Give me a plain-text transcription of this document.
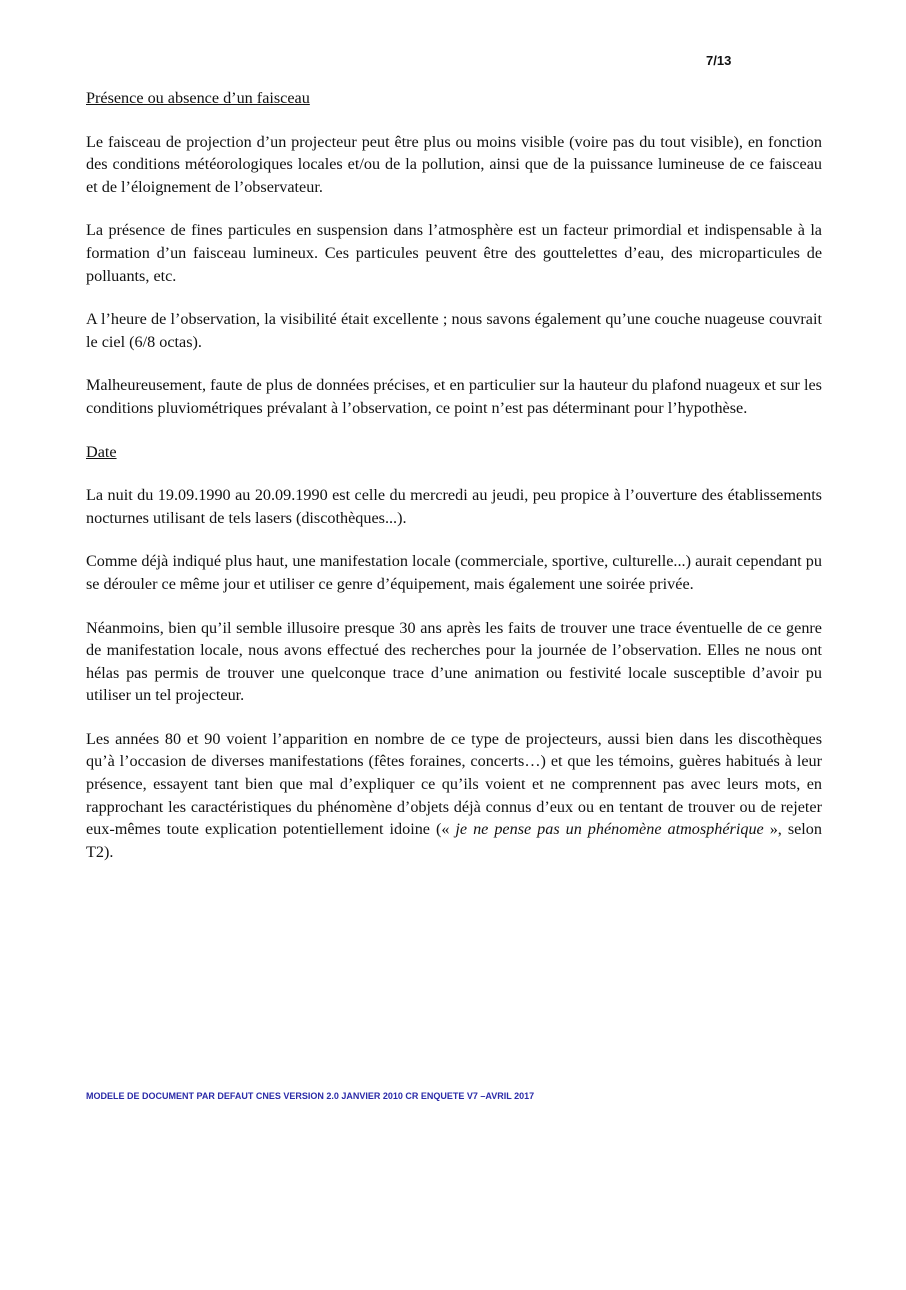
7/13

Présence ou absence d’un faisceau

Le faisceau de projection d’un projecteur peut être plus ou moins visible (voire pas du tout visible), en fonction des conditions météorologiques locales et/ou de la pollution, ainsi que de la puissance lumineuse de ce faisceau et de l’éloignement de l’observateur.

La présence de fines particules en suspension dans l’atmosphère est un facteur primordial et indispensable à la formation d’un faisceau lumineux. Ces particules peuvent être des gouttelettes d’eau, des microparticules de polluants, etc.

A l’heure de l’observation, la visibilité était excellente ; nous savons également qu’une couche nuageuse couvrait le ciel (6/8 octas).

Malheureusement, faute de plus de données précises, et en particulier sur la hauteur du plafond nuageux et sur les conditions pluviométriques prévalant à l’observation, ce point n’est pas déterminant pour l’hypothèse.

Date

La nuit du 19.09.1990 au 20.09.1990 est celle du mercredi au jeudi, peu propice à l’ouverture des établissements nocturnes utilisant de tels lasers (discothèques...).

Comme déjà indiqué plus haut, une manifestation locale (commerciale, sportive, culturelle...) aurait cependant pu se dérouler ce même jour et utiliser ce genre d’équipement, mais également une soirée privée.

Néanmoins, bien qu’il semble illusoire presque 30 ans après les faits de trouver une trace éventuelle de ce genre de manifestation locale, nous avons effectué des recherches pour la journée de l’observation. Elles ne nous ont hélas pas permis de trouver une quelconque trace d’une animation ou festivité locale susceptible d’avoir pu utiliser un tel projecteur.

Les années 80 et 90 voient l’apparition en nombre de ce type de projecteurs, aussi bien dans les discothèques qu’à l’occasion de diverses manifestations (fêtes foraines, concerts…) et que les témoins, guères habitués à leur présence, essayent tant bien que mal d’expliquer ce qu’ils voient et ne comprennent pas avec leurs mots, en rapprochant les caractéristiques du phénomène d’objets déjà connus d’eux ou en tentant de trouver ou de rejeter eux-mêmes toute explication potentiellement idoine (« je ne pense pas un phénomène atmosphérique », selon T2).

MODELE DE DOCUMENT PAR DEFAUT CNES VERSION 2.0 JANVIER 2010 CR ENQUETE V7 –AVRIL 2017
